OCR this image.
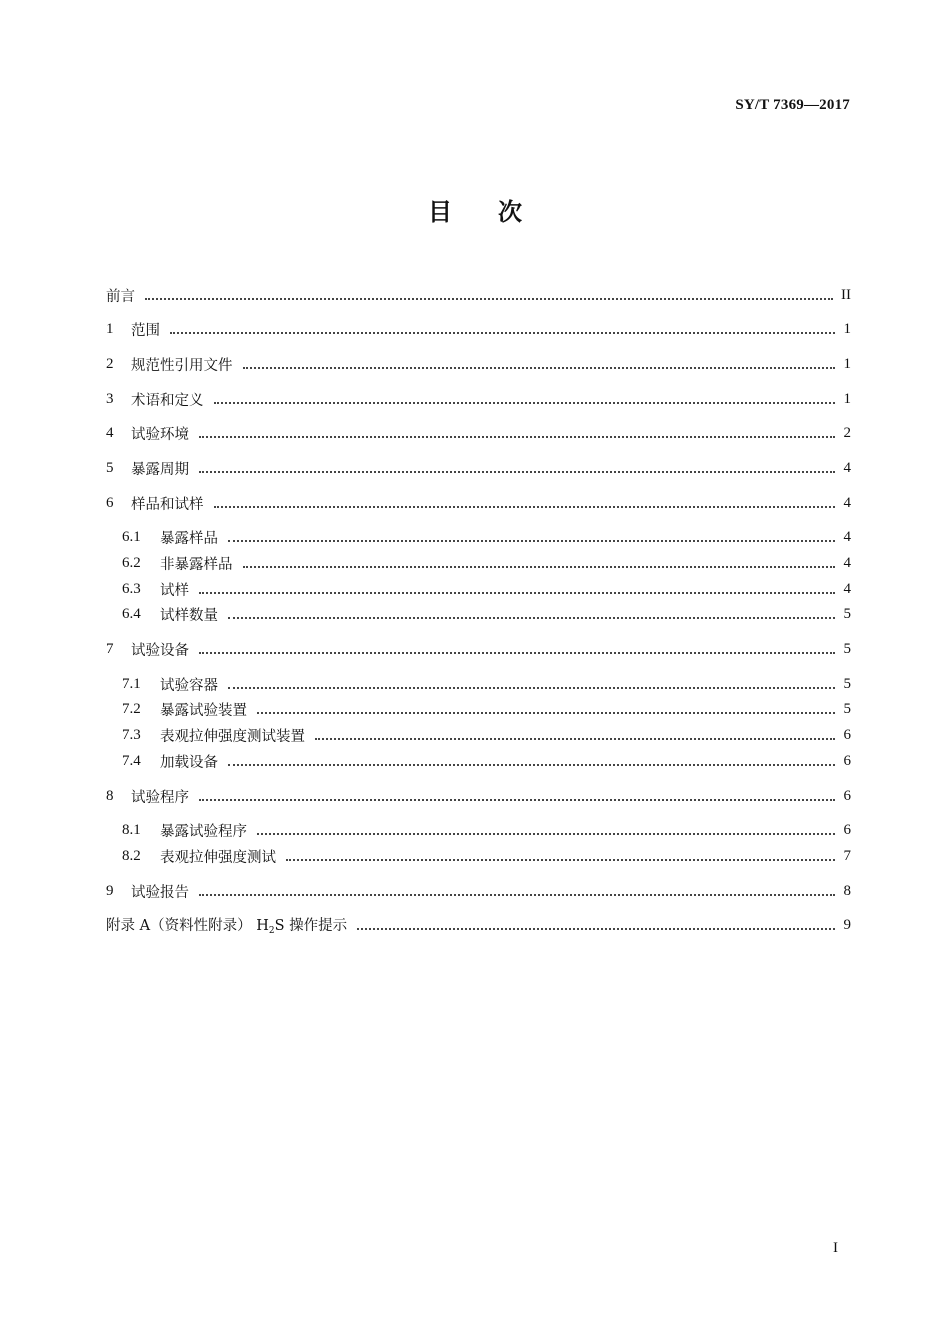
SY/T 7369—2017
目 次
前言	II
1	范围	1
2	规范性引用文件	1
3	术语和定义	1
4	试验环境	2
5	暴露周期	4
6	样品和试样	4
6.1	暴露样品	4
6.2	非暴露样品	4
6.3	试样	4
6.4	试样数量	5
7	试验设备	5
7.1	试验容器	5
7.2	暴露试验装置	5
7.3	表观拉伸强度测试装置	6
7.4	加载设备	6
8	试验程序	6
8.1	暴露试验程序	6
8.2	表观拉伸强度测试	7
9	试验报告	8
附录 A（资料性附录） $H_2S$ 操作提示	9
I
